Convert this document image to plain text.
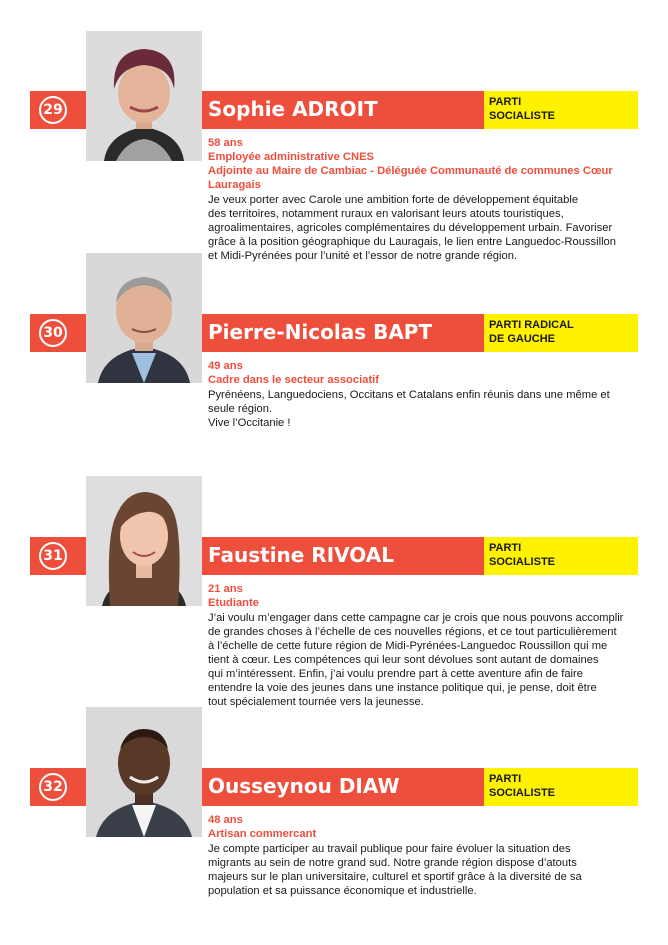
29	Sophie ADROIT	PARTI
SOCIALISTE
58 ans
Employée administrative CNES
Adjointe au Maire de Cambiac - Déléguée Communauté de communes Cœur Lauragais
Je veux porter avec Carole une ambition forte de développement équitable
des territoires, notamment ruraux en valorisant leurs atouts touristiques,
agroalimentaires, agricoles complémentaires du développement urbain. Favoriser
grâce à la position géographique du Lauragais, le lien entre Languedoc-Roussillon
et Midi-Pyrénées pour l’unité et l’essor de notre grande région.
30	Pierre-Nicolas BAPT	PARTI RADICAL
DE GAUCHE
49 ans
Cadre dans le secteur associatif
Pyrénéens, Languedociens, Occitans et Catalans enfin réunis dans une même et
seule région.
Vive l’Occitanie !
31	Faustine RIVOAL	PARTI
SOCIALISTE
21 ans
Etudiante
J’ai voulu m’engager dans cette campagne car je crois que nous pouvons accomplir
de grandes choses à l’échelle de ces nouvelles régions, et ce tout particulièrement
à l’échelle de cette future région de Midi-Pyrénées-Languedoc Roussillon qui me
tient à cœur. Les compétences qui leur sont dévolues sont autant de domaines
qui m’intéressent. Enfin, j’ai voulu prendre part à cette aventure afin de faire
entendre la voie des jeunes dans une instance politique qui, je pense, doit être
tout spécialement tournée vers la jeunesse.
32	Ousseynou DIAW	PARTI
SOCIALISTE
48 ans
Artisan commercant
Je compte participer au travail publique pour faire évoluer la situation des
migrants au sein de notre grand sud. Notre grande région dispose d’atouts
majeurs sur le plan universitaire, culturel et sportif grâce à la diversité de sa
population et sa puissance économique et industrielle.
